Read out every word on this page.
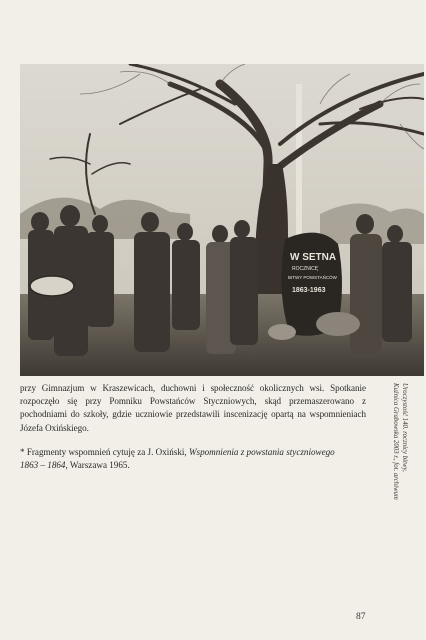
W SETNA
ROCZNICĘ
BITWY POWSTAŃCÓW
1863-1963

przy Gimnazjum w Kraszewicach, duchowni i społeczność okolicznych wsi. Spotkanie rozpoczęło się przy Pomniku Powstańców Styczniowych, skąd przemaszerowano z pochodniami do szkoły, gdzie uczniowie przedstawili inscenizację opartą na wspomnieniach Józefa Oxińskiego.

* Fragmenty wspomnień cytuję za J. Oxiński, Wspomnienia z powstania styczniowego
1863 – 1864, Warszawa 1965.	Uroczystość 140. rocznicy bitwy,
Kuźnica Grabowska 2003 r., fot. archiwum
87
